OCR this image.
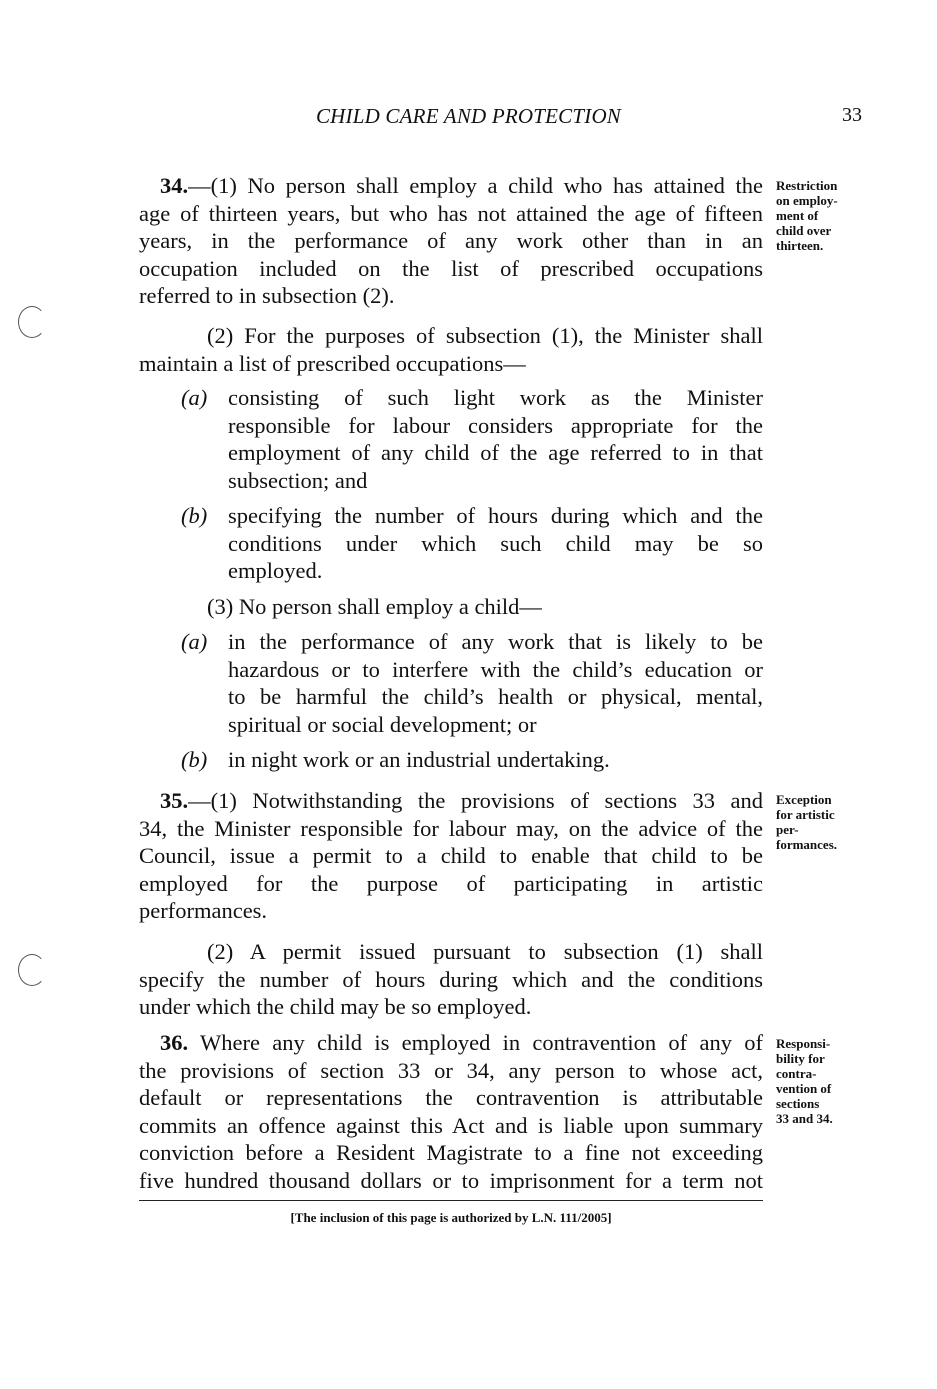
CHILD CARE AND PROTECTION	33
34.—(1) No person shall employ a child who has attained the
age of thirteen years, but who has not attained the age of fifteen
years, in the performance of any work other than in an
occupation included on the list of prescribed occupations
referred to in subsection (2).
Restriction
on employ-
ment of
child over
thirteen.
(2) For the purposes of subsection (1), the Minister shall
maintain a list of prescribed occupations—
(a) consisting of such light work as the Minister
responsible for labour considers appropriate for the
employment of any child of the age referred to in that
subsection; and
(b) specifying the number of hours during which and the
conditions under which such child may be so
employed.
(3) No person shall employ a child—
(a) in the performance of any work that is likely to be
hazardous or to interfere with the child’s education or
to be harmful the child’s health or physical, mental,
spiritual or social development; or
(b) in night work or an industrial undertaking.
35.—(1) Notwithstanding the provisions of sections 33 and
34, the Minister responsible for labour may, on the advice of the
Council, issue a permit to a child to enable that child to be
employed for the purpose of participating in artistic
performances.
Exception
for artistic
per-
formances.
(2) A permit issued pursuant to subsection (1) shall
specify the number of hours during which and the conditions
under which the child may be so employed.
36. Where any child is employed in contravention of any of
the provisions of section 33 or 34, any person to whose act,
default or representations the contravention is attributable
commits an offence against this Act and is liable upon summary
conviction before a Resident Magistrate to a fine not exceeding
five hundred thousand dollars or to imprisonment for a term not
Responsi-
bility for
contra-
vention of
sections
33 and 34.
[The inclusion of this page is authorized by L.N. 111/2005]
